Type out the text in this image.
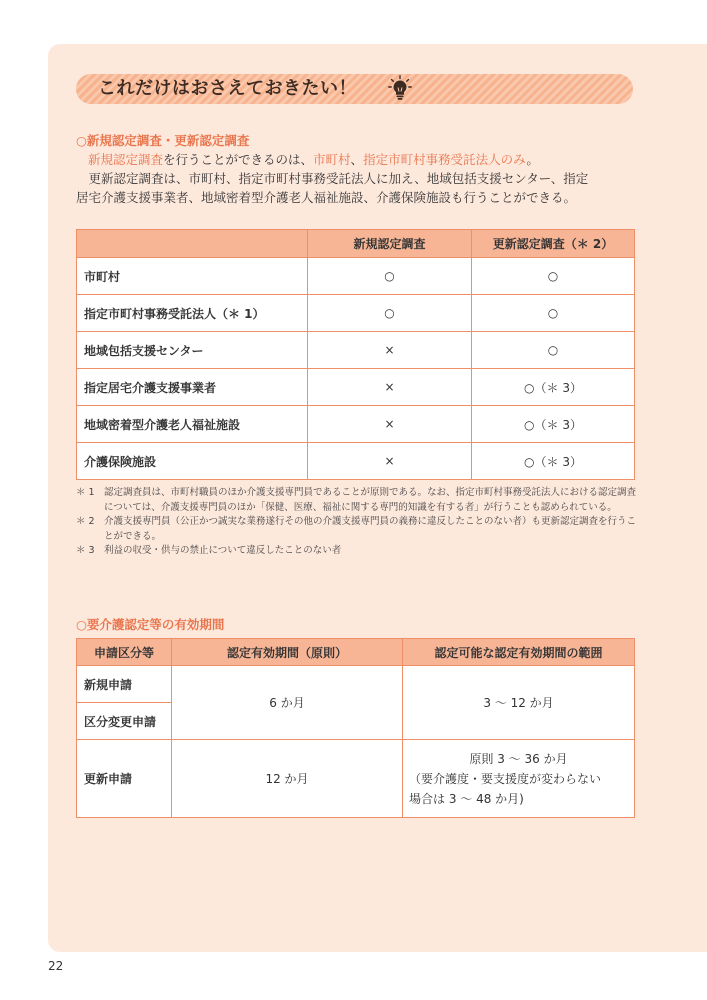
これだけはおさえておきたい！
○新規認定調査・更新認定調査
新規認定調査を行うことができるのは、市町村、指定市町村事務受託法人のみ。
　更新認定調査は、市町村、指定市町村事務受託法人に加え、地域包括支援センター、指定
居宅介護支援事業者、地域密着型介護老人福祉施設、介護保険施設も行うことができる。
	新規認定調査	更新認定調査（＊ 2）
市町村	○	○
指定市町村事務受託法人（＊ 1）	○	○
地域包括支援センター	×	○
指定居宅介護支援事業者	×	○（＊ 3）
地域密着型介護老人福祉施設	×	○（＊ 3）
介護保険施設	×	○（＊ 3）
＊ 1 認定調査員は、市町村職員のほか介護支援専門員であることが原則である。なお、指定市町村事務受託法人における認定調査については、介護支援専門員のほか「保健、医療、福祉に関する専門的知識を有する者」が行うことも認められている。
＊ 2 介護支援専門員（公正かつ誠実な業務遂行その他の介護支援専門員の義務に違反したことのない者）も更新認定調査を行うことができる。
＊ 3 利益の収受・供与の禁止について違反したことのない者
○要介護認定等の有効期間
申請区分等	認定有効期間（原則）	認定可能な認定有効期間の範囲
新規申請	6 か月	3 〜 12 か月
区分変更申請		
更新申請	12 か月	原則 3 〜 36 か月
（要介護度・要支援度が変わらない
場合は 3 〜 48 か月)
22
